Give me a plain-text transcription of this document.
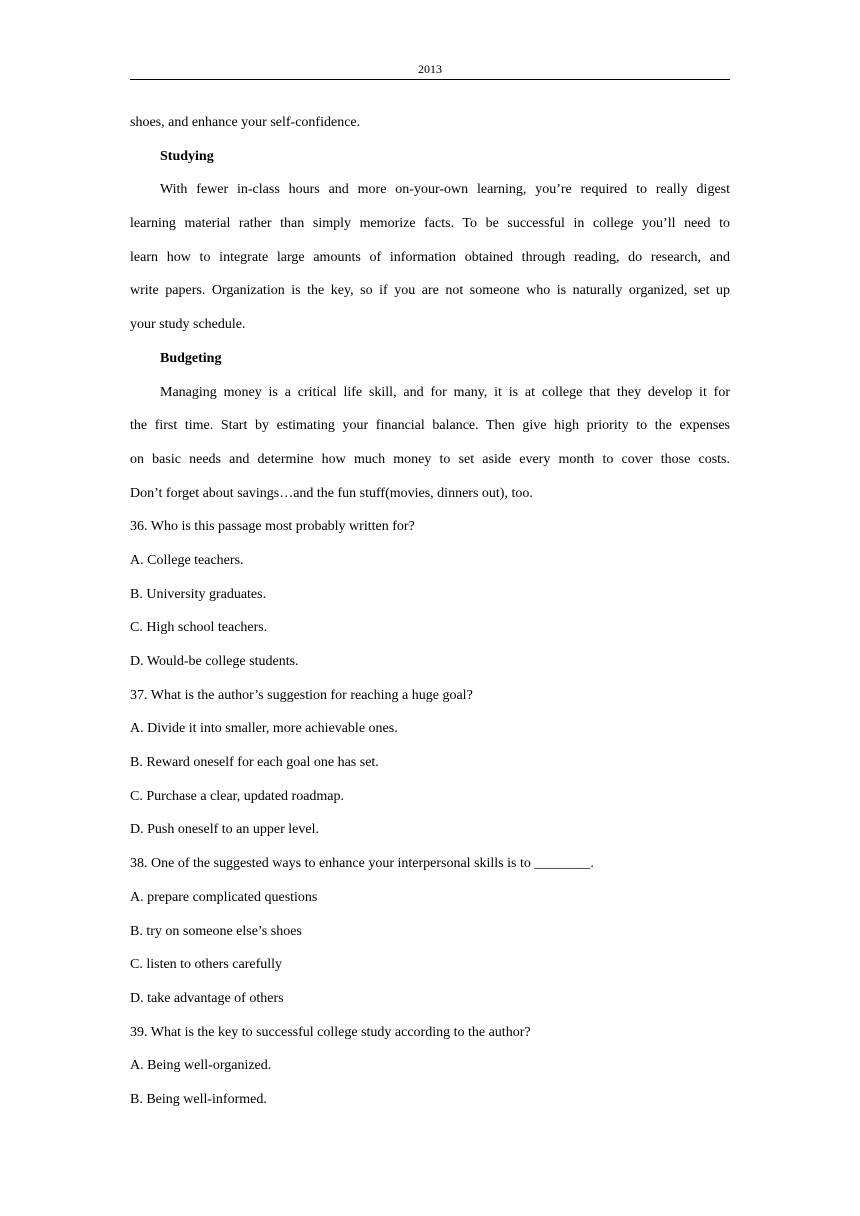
2013
shoes, and enhance your self-confidence.
Studying
With fewer in-class hours and more on-your-own learning, you’re required to really digest
learning material rather than simply memorize facts. To be successful in college you’ll need to
learn how to integrate large amounts of information obtained through reading, do research, and
write papers. Organization is the key, so if you are not someone who is naturally organized, set up
your study schedule.
Budgeting
Managing money is a critical life skill, and for many, it is at college that they develop it for
the first time. Start by estimating your financial balance. Then give high priority to the expenses
on basic needs and determine how much money to set aside every month to cover those costs.
Don’t forget about savings…and the fun stuff(movies, dinners out), too.
36. Who is this passage most probably written for?
A. College teachers.
B. University graduates.
C. High school teachers.
D. Would-be college students.
37. What is the author’s suggestion for reaching a huge goal?
A. Divide it into smaller, more achievable ones.
B. Reward oneself for each goal one has set.
C. Purchase a clear, updated roadmap.
D. Push oneself to an upper level.
38. One of the suggested ways to enhance your interpersonal skills is to ________.
A. prepare complicated questions
B. try on someone else’s shoes
C. listen to others carefully
D. take advantage of others
39. What is the key to successful college study according to the author?
A. Being well-organized.
B. Being well-informed.
